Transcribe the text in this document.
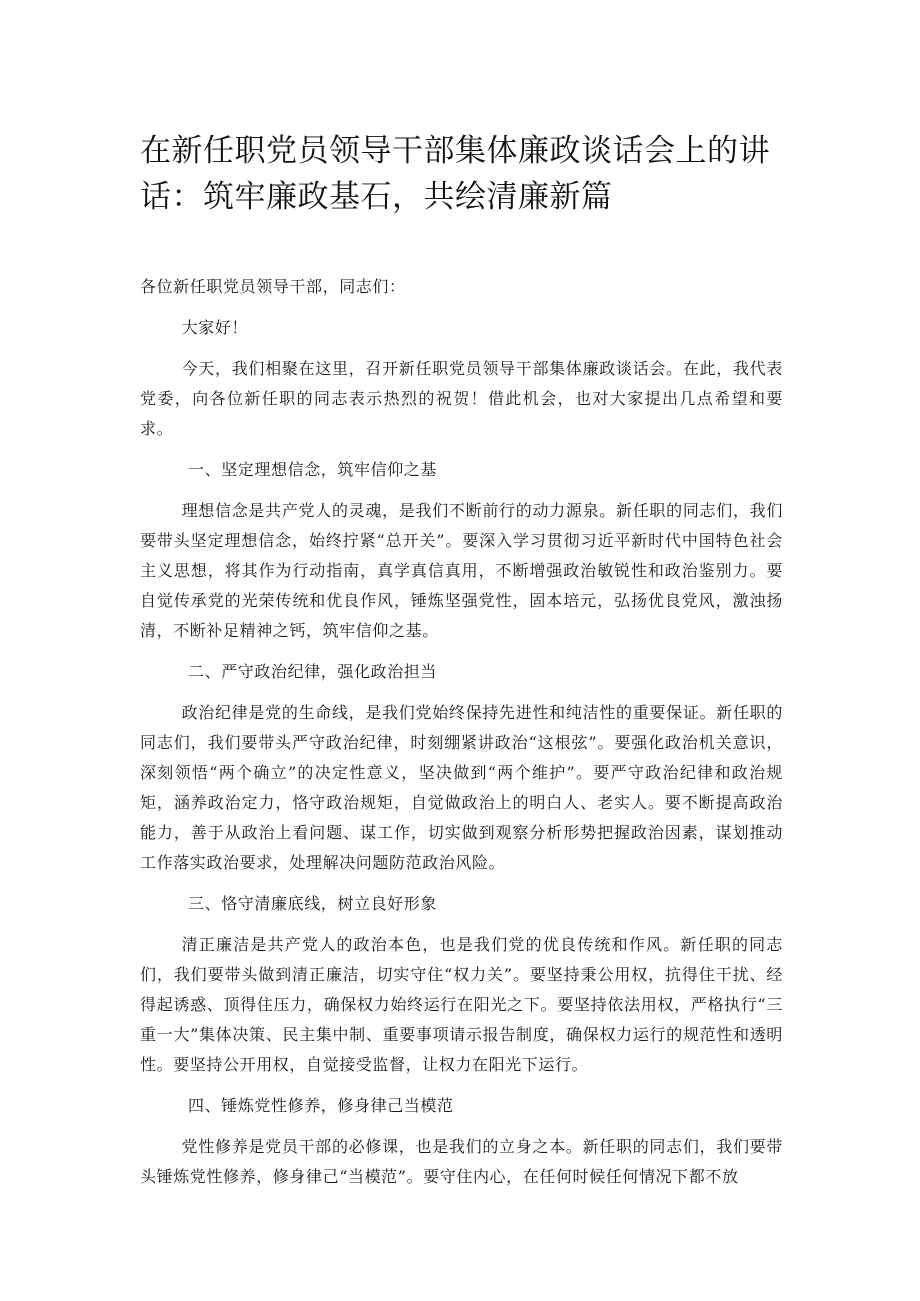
在新任职党员领导干部集体廉政谈话会上的讲话：筑牢廉政基石，共绘清廉新篇

各位新任职党员领导干部，同志们：

大家好！

今天，我们相聚在这里，召开新任职党员领导干部集体廉政谈话会。在此，我代表党委，向各位新任职的同志表示热烈的祝贺！借此机会，也对大家提出几点希望和要求。

一、坚定理想信念，筑牢信仰之基

理想信念是共产党人的灵魂，是我们不断前行的动力源泉。新任职的同志们，我们要带头坚定理想信念，始终拧紧“总开关”。要深入学习贯彻习近平新时代中国特色社会主义思想，将其作为行动指南，真学真信真用，不断增强政治敏锐性和政治鉴别力。要自觉传承党的光荣传统和优良作风，锤炼坚强党性，固本培元，弘扬优良党风，激浊扬清，不断补足精神之钙，筑牢信仰之基。

二、严守政治纪律，强化政治担当

政治纪律是党的生命线，是我们党始终保持先进性和纯洁性的重要保证。新任职的同志们，我们要带头严守政治纪律，时刻绷紧讲政治“这根弦”。要强化政治机关意识，深刻领悟“两个确立”的决定性意义，坚决做到“两个维护”。要严守政治纪律和政治规矩，涵养政治定力，恪守政治规矩，自觉做政治上的明白人、老实人。要不断提高政治能力，善于从政治上看问题、谋工作，切实做到观察分析形势把握政治因素，谋划推动工作落实政治要求，处理解决问题防范政治风险。

三、恪守清廉底线，树立良好形象

清正廉洁是共产党人的政治本色，也是我们党的优良传统和作风。新任职的同志们，我们要带头做到清正廉洁，切实守住“权力关”。要坚持秉公用权，抗得住干扰、经得起诱惑、顶得住压力，确保权力始终运行在阳光之下。要坚持依法用权，严格执行“三重一大”集体决策、民主集中制、重要事项请示报告制度，确保权力运行的规范性和透明性。要坚持公开用权，自觉接受监督，让权力在阳光下运行。

四、锤炼党性修养，修身律己当模范

党性修养是党员干部的必修课，也是我们的立身之本。新任职的同志们，我们要带头锤炼党性修养，修身律己“当模范”。要守住内心，在任何时候任何情况下都不放
